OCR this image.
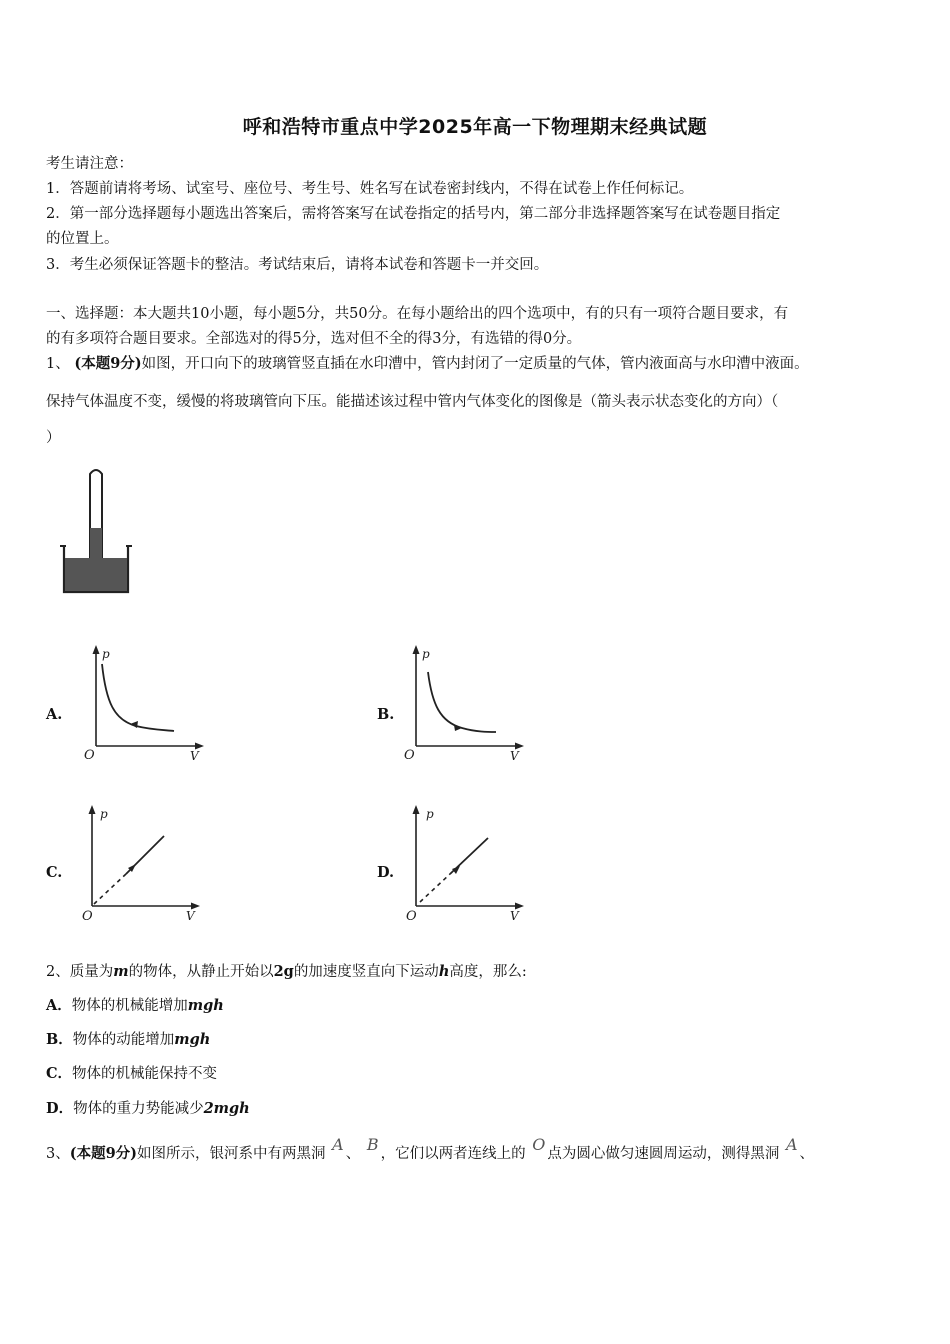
呼和浩特市重点中学2025年高一下物理期末经典试题
考生请注意：
1．答题前请将考场、试室号、座位号、考生号、姓名写在试卷密封线内，不得在试卷上作任何标记。
2．第一部分选择题每小题选出答案后，需将答案写在试卷指定的括号内，第二部分非选择题答案写在试卷题目指定
的位置上。
3．考生必须保证答题卡的整洁。考试结束后，请将本试卷和答题卡一并交回。
一、选择题：本大题共10小题，每小题5分，共50分。在每小题给出的四个选项中，有的只有一项符合题目要求，有
的有多项符合题目要求。全部选对的得5分，选对但不全的得3分，有选错的得0分。
1、 (本题9分)如图，开口向下的玻璃管竖直插在水印漕中，管内封闭了一定质量的气体，管内液面高与水印漕中液面。
保持气体温度不变，缓慢的将玻璃管向下压。能描述该过程中管内气体变化的图像是（箭头表示状态变化的方向）（
）
A.
p
O	V
B.
p
O	V
C.
p
O	V
D.
p
O	V
2、质量为m的物体，从静止开始以2g的加速度竖直向下运动h高度，那么:
A．物体的机械能增加mgh
B．物体的动能增加mgh
C．物体的机械能保持不变
D．物体的重力势能减少2mgh
3、(本题9分)如图所示，银河系中有两黑洞 A 、 B ，它们以两者连线上的 O 点为圆心做匀速圆周运动，测得黑洞 A 、
